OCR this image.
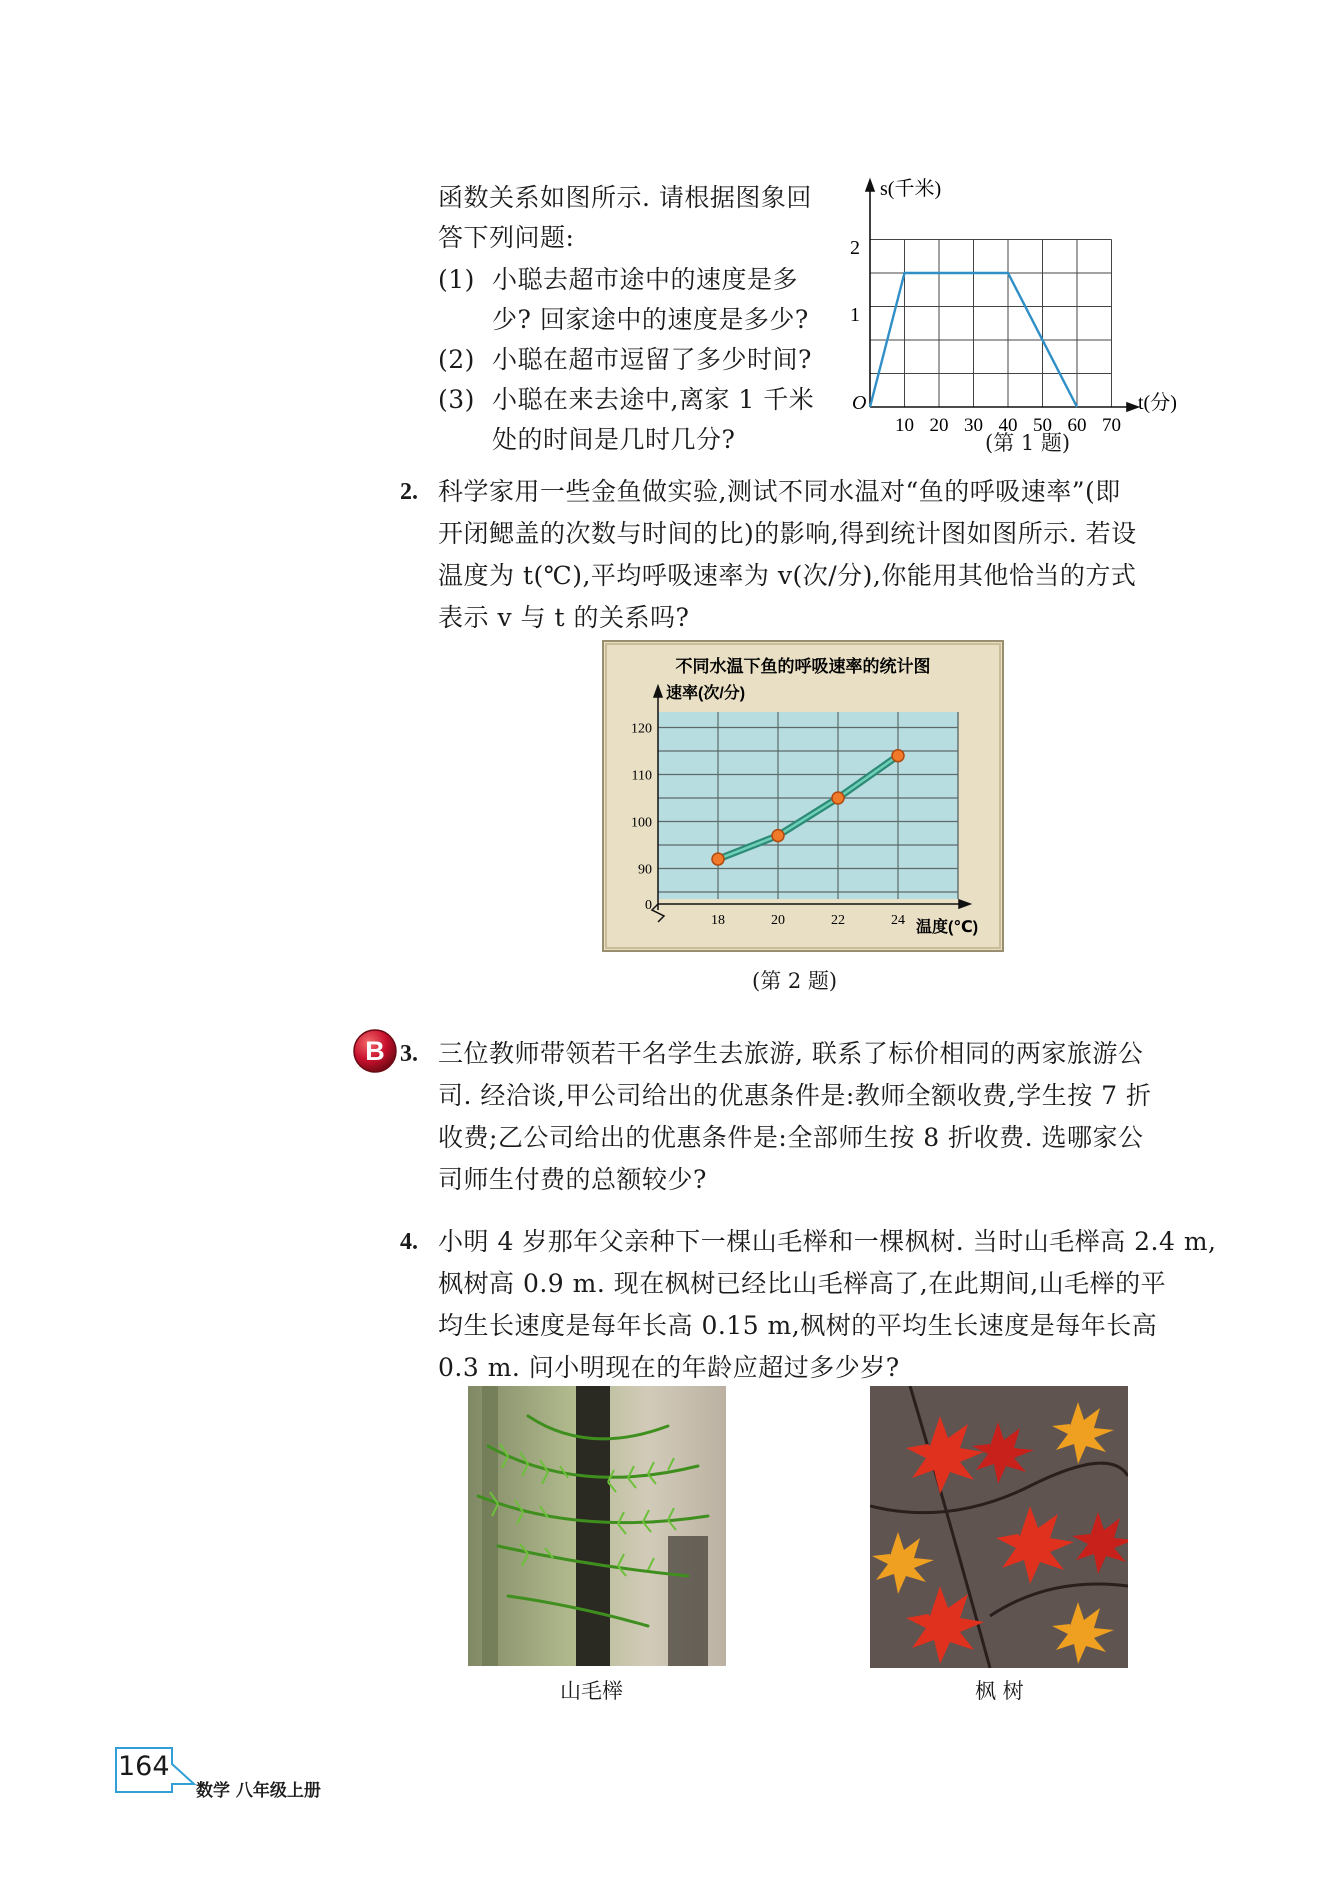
函数关系如图所示. 请根据图象回
答下列问题:
(1) 小聪去超市途中的速度是多
少? 回家途中的速度是多少?
(2) 小聪在超市逗留了多少时间?
(3) 小聪在来去途中,离家 1 千米
处的时间是几时几分?
O
1
2
10 20 30 40 50 60 70
s(千米)
t(分)
(第 1 题)
2. 科学家用一些金鱼做实验,测试不同水温对“鱼的呼吸速率”(即
开闭鳃盖的次数与时间的比)的影响,得到统计图如图所示. 若设
温度为 t(℃),平均呼吸速率为 v(次/分),你能用其他恰当的方式
表示 v 与 t 的关系吗?
不同水温下鱼的呼吸速率的统计图
0
90
100
110
120
18	20	22	24
速率(次/分)
温度(℃)
(第 2 题)
B 3. 三位教师带领若干名学生去旅游, 联系了标价相同的两家旅游公
司. 经洽谈,甲公司给出的优惠条件是:教师全额收费,学生按 7 折
收费;乙公司给出的优惠条件是:全部师生按 8 折收费. 选哪家公
司师生付费的总额较少?
4. 小明 4 岁那年父亲种下一棵山毛榉和一棵枫树. 当时山毛榉高 2.4 m,
枫树高 0.9 m. 现在枫树已经比山毛榉高了,在此期间,山毛榉的平
均生长速度是每年长高 0.15 m,枫树的平均生长速度是每年长高
0.3 m. 问小明现在的年龄应超过多少岁?
山毛榉	枫 树
164
数学 八年级上册
